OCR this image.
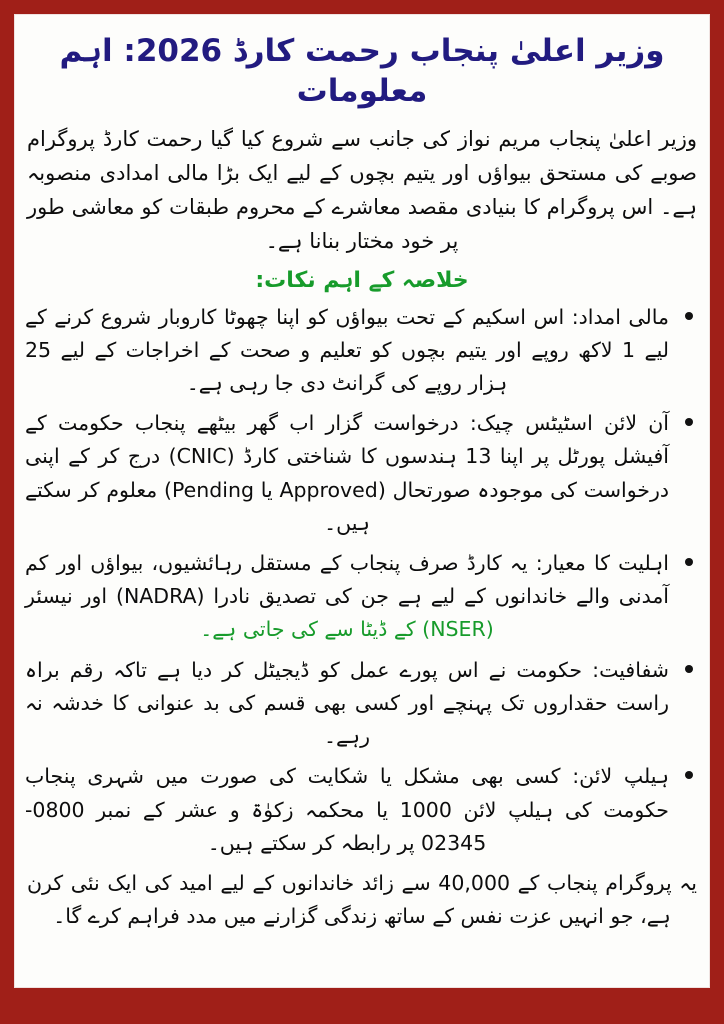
وزیر اعلیٰ پنجاب رحمت کارڈ 2026: اہم معلومات

وزیر اعلیٰ پنجاب مریم نواز کی جانب سے شروع کیا گیا رحمت کارڈ پروگرام صوبے کی مستحق بیواؤں اور یتیم بچوں کے لیے ایک بڑا مالی امدادی منصوبہ ہے۔ اس پروگرام کا بنیادی مقصد معاشرے کے محروم طبقات کو معاشی طور پر خود مختار بنانا ہے۔

خلاصہ کے اہم نکات:
مالی امداد: اس اسکیم کے تحت بیواؤں کو اپنا چھوٹا کاروبار شروع کرنے کے لیے 1 لاکھ روپے اور یتیم بچوں کو تعلیم و صحت کے اخراجات کے لیے 25 ہزار روپے کی گرانٹ دی جا رہی ہے۔
آن لائن اسٹیٹس چیک: درخواست گزار اب گھر بیٹھے پنجاب حکومت کے آفیشل پورٹل پر اپنا 13 ہندسوں کا شناختی کارڈ (CNIC) درج کر کے اپنی درخواست کی موجودہ صورتحال (Approved یا Pending) معلوم کر سکتے ہیں۔
اہلیت کا معیار: یہ کارڈ صرف پنجاب کے مستقل رہائشیوں، بیواؤں اور کم آمدنی والے خاندانوں کے لیے ہے جن کی تصدیق نادرا (NADRA) اور نیسئر (NSER) کے ڈیٹا سے کی جاتی ہے۔
شفافیت: حکومت نے اس پورے عمل کو ڈیجیٹل کر دیا ہے تاکہ رقم براہ راست حقداروں تک پہنچے اور کسی بھی قسم کی بد عنوانی کا خدشہ نہ رہے۔
ہیلپ لائن: کسی بھی مشکل یا شکایت کی صورت میں شہری پنجاب حکومت کی ہیلپ لائن 1000 یا محکمہ زکوٰۃ و عشر کے نمبر 0800-02345 پر رابطہ کر سکتے ہیں۔

یہ پروگرام پنجاب کے 40,000 سے زائد خاندانوں کے لیے امید کی ایک نئی کرن ہے، جو انہیں عزت نفس کے ساتھ زندگی گزارنے میں مدد فراہم کرے گا۔
